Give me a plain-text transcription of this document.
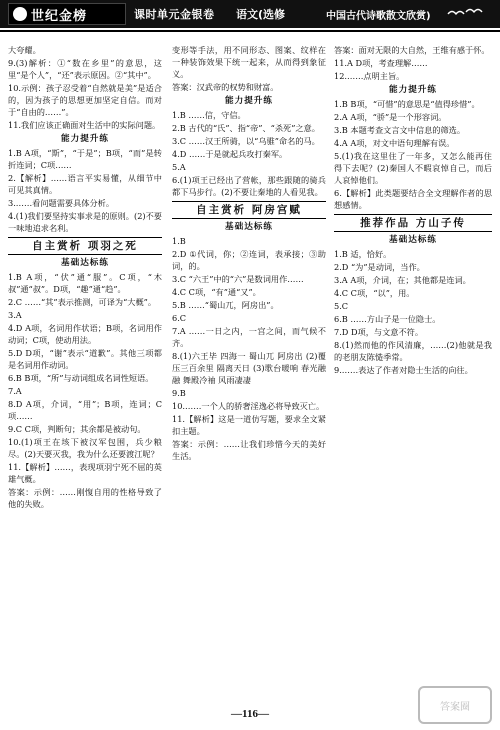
世纪金榜	课时单元金银卷 语文(选修	中国古代诗歌散文欣赏)

大夸耀。

9.(3)解析：①“数在乡里”的意思，这里“是个人”，“还”表示原因。②“其中”。

10.示例：孩子忍受着“自然就是美”是适合的，因为孩子的思想更加坚定自信。而对于“自由的……”。

11.我们应该正确面对生活中的实际问题。

能力提升练

1.B A项，“斯”，“于是”；B项，“而”是转折连词；C项……

2.【解析】……语言平实易懂，从细节中可见其真情。

3.……看问题需要具体分析。

4.(1)我们要坚持实事求是的原则。(2)不要一味地追求名利。

自主赏析 项羽之死
基础达标练

1.B A项，“伏”通“服”。C项，“木叔”通“叔”。D项，“趣”通“趋”。

2.C ……“其”表示推测，可译为“大概”。

3.A

4.D A项，名词用作状语；B项，名词用作动词；C项，使动用法。

5.D D项，“谢”表示“道歉”。其他三项都是名词用作动词。

6.B B项，“所”与动词组成名词性短语。

7.A

8.D A项，介词，“用”；B项，连词；C项……

9.C C项，判断句；其余都是被动句。

10.(1)项王在垓下被汉军包围，兵少粮尽。(2)天要灭我，我为什么还要渡江呢？

11.【解析】……，表现项羽宁死不屈的英雄气概。

答案：示例：……刚愎自用的性格导致了他的失败。

变形等手法，用不同形态、图案、纹样在一种装饰效果下统一起来，从而得到象征义。

答案：汉武帝的权势和财富。

能力提升练

1.B ……信，守信。

2.B 古代的“氏”、指“帝”、“杀死”之意。

3.C ……汉王所骑，以“乌骓”命名的马。

4.D ……于是就起兵攻打秦军。

5.A

6.(1)项王已经出了营帐，那些跟随的骑兵都下马步行。(2)不要让秦地的人看见我。

自主赏析 阿房宫赋
基础达标练

1.B

2.D ①代词，你；②连词，表承接；③助词，的。

3.C “六王”中的“六”是数词用作……

4.C C项，“有”通“又”。

5.B ……“蜀山兀，阿房出”。

6.C

7.A ……一日之内，一宫之间，而气候不齐。

8.(1)六王毕 四海一 蜀山兀 阿房出 (2)覆压三百余里 隔离天日 (3)歌台暖响 春光融融 舞殿冷袖 风雨凄凄

9.B

10.……一个人的骄奢淫逸必将导致灭亡。

11.【解析】这是一道仿写题，要求全文紧扣主题。

答案：示例：……让我们珍惜今天的美好生活。

答案：面对无限的大自然，王维有感于怀。

11.A D项，考查理解……

12.……点明主旨。

能力提升练

1.B B项，“可惜”的意思是“值得珍惜”。

2.A A项，“骄”是一个形容词。

3.B 本题考查文言文中信息的筛选。

4.A A项，对文中语句理解有误。

5.(1)我在这里住了一年多，又怎么能再住得下去呢？(2)秦国人不暇哀悼自己，而后人哀悼他们。

6.【解析】此类题要结合全文理解作者的思想感情。

推荐作品 方山子传
基础达标练

1.B 适，恰好。

2.D “为”是动词，当作。

3.A A项，介词，在；其他都是连词。

4.C C项，“以”，用。

5.C

6.B ……方山子是一位隐士。

7.D D项，与文意不符。

8.(1)然而他的作风清廉，……(2)他就是我的老朋友陈慥季常。

9.……表达了作者对隐士生活的向往。

—116—
答案圈
